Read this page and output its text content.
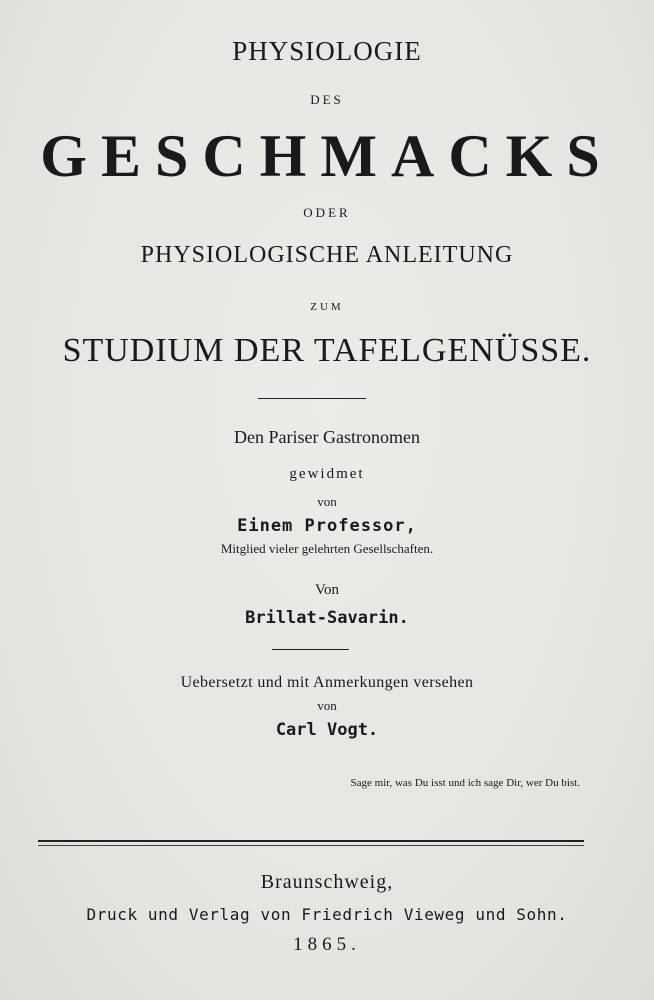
PHYSIOLOGIE
DES
GESCHMACKS
ODER
PHYSIOLOGISCHE ANLEITUNG
ZUM
STUDIUM DER TAFELGENÜSSE.
Den Pariser Gastronomen
gewidmet
von
Einem Professor,
Mitglied vieler gelehrten Gesellschaften.
Von
Brillat-Savarin.
Uebersetzt und mit Anmerkungen versehen
von
Carl Vogt.
Sage mir, was Du isst und ich sage Dir, wer Du bist.
Braunschweig,
Druck und Verlag von Friedrich Vieweg und Sohn.
1865.
